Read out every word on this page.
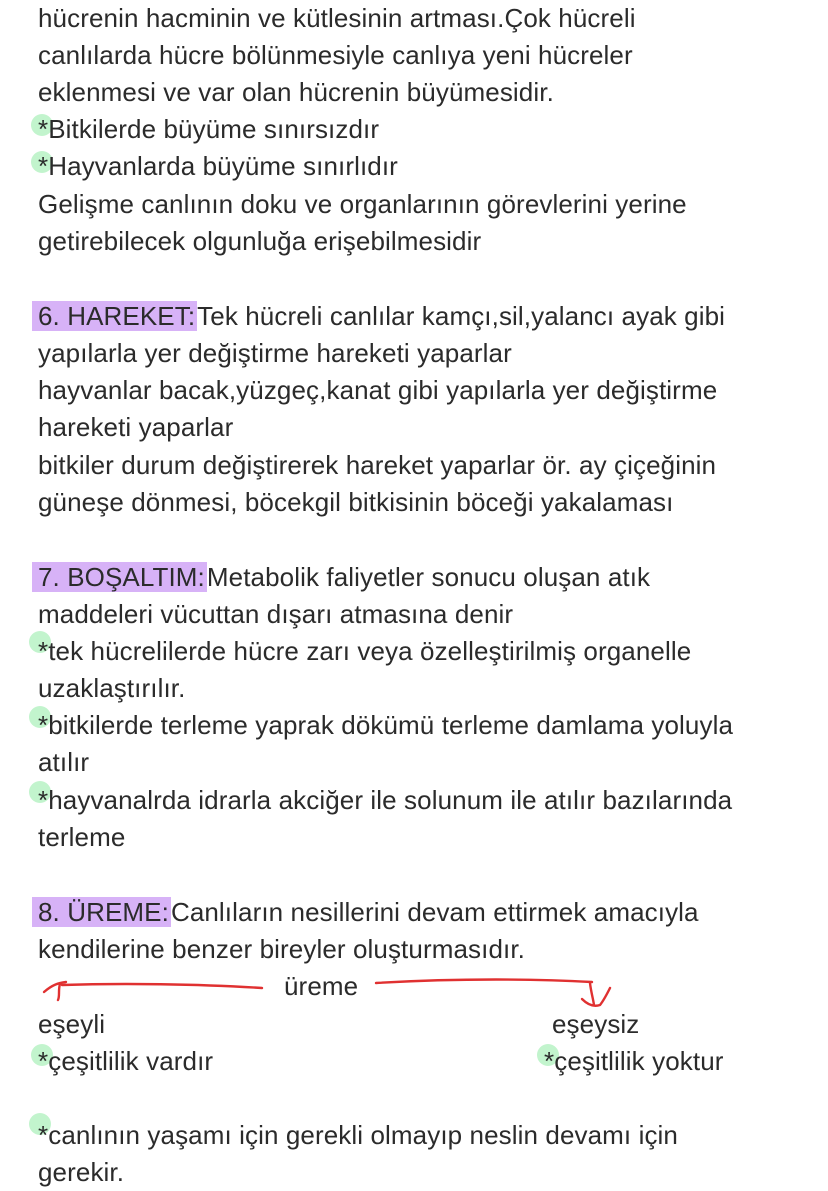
hücrenin hacminin ve kütlesinin artması.Çok hücreli
canlılarda hücre bölünmesiyle canlıya yeni hücreler
eklenmesi ve var olan hücrenin büyümesidir.
*Bitkilerde büyüme sınırsızdır
*Hayvanlarda büyüme sınırlıdır
Gelişme canlının doku ve organlarının görevlerini yerine
getirebilecek olgunluğa erişebilmesidir
6. HAREKET:Tek hücreli canlılar kamçı,sil,yalancı ayak gibi
yapılarla yer değiştirme hareketi yaparlar
hayvanlar bacak,yüzgeç,kanat gibi yapılarla yer değiştirme
hareketi yaparlar
bitkiler durum değiştirerek hareket yaparlar ör. ay çiçeğinin
güneşe dönmesi, böcekgil bitkisinin böceği yakalaması
7. BOŞALTIM:Metabolik faliyetler sonucu oluşan atık
maddeleri vücuttan dışarı atmasına denir
*tek hücrelilerde hücre zarı veya özelleştirilmiş organelle
uzaklaştırılır.
*bitkilerde terleme yaprak dökümü terleme damlama yoluyla
atılır
*hayvanalrda idrarla akciğer ile solunum ile atılır bazılarında
terleme
8. ÜREME:Canlıların nesillerini devam ettirmek amacıyla
kendilerine benzer bireyler oluşturmasıdır.
üreme
eşeyli	eşeysiz
*çeşitlilik vardır	*çeşitlilik yoktur
*canlının yaşamı için gerekli olmayıp neslin devamı için
gerekir.
